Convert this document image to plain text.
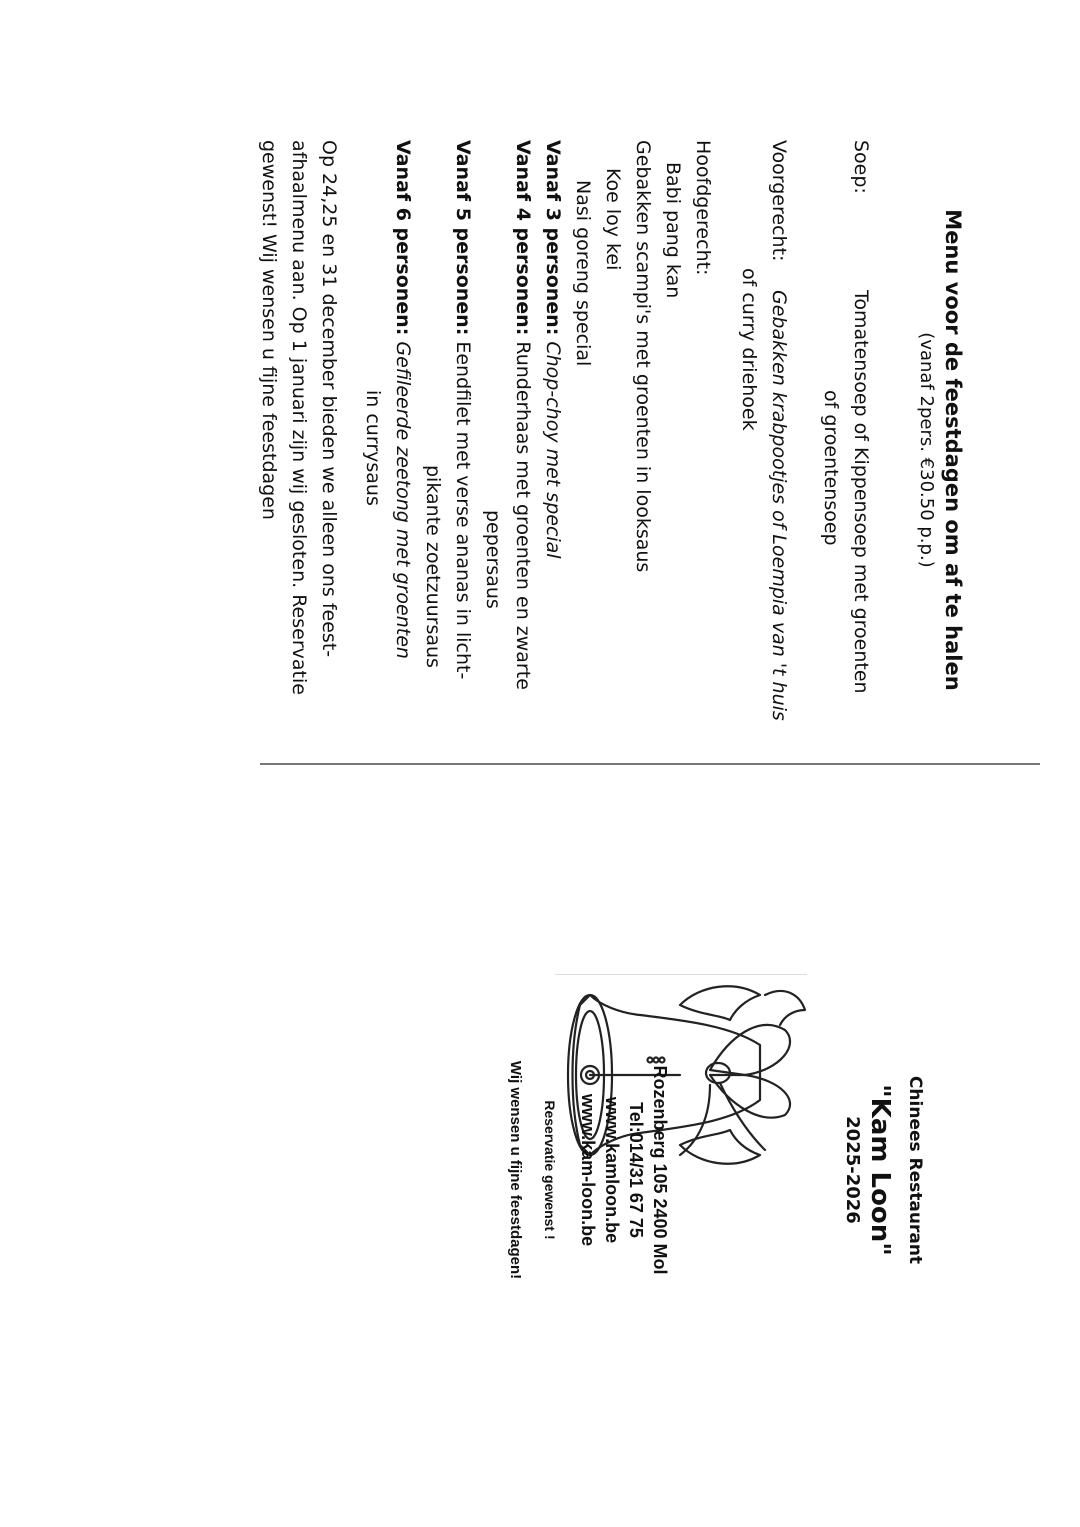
Menu voor de feestdagen om af te halen
(vanaf 2pers. €30.50 p.p.)
Soep:
Tomatensoep of Kippensoep met groenten
of groentensoep
Voorgerecht:
Gebakken krabpootjes of Loempia van 't huis
of curry driehoek
Hoofdgerecht:
Babi pang kan
Gebakken scampi's met groenten in looksaus
Koe loy kei
Nasi goreng special
Vanaf 3 personen: Chop-choy met special
Vanaf 4 personen: Runderhaas met groenten en zwarte
pepersaus
Vanaf 5 personen: Eendfilet met verse ananas in licht-
pikante zoetzuursaus
Vanaf 6 personen: Gefileerde zeetong met groenten
in currysaus
Op 24,25 en 31 december bieden we alleen ons feest-
afhaalmenu aan. Op 1 januari zijn wij gesloten. Reservatie
gewenst! Wij wensen u fijne feestdagen
Chinees Restaurant
"Kam Loon"
2025-2026
Rozenberg 105 2400 Mol
Tel:014/31 67 75
www.kamloon.be
www.kam-loon.be
Reservatie gewenst !
Wij wensen u fijne feestdagen!
